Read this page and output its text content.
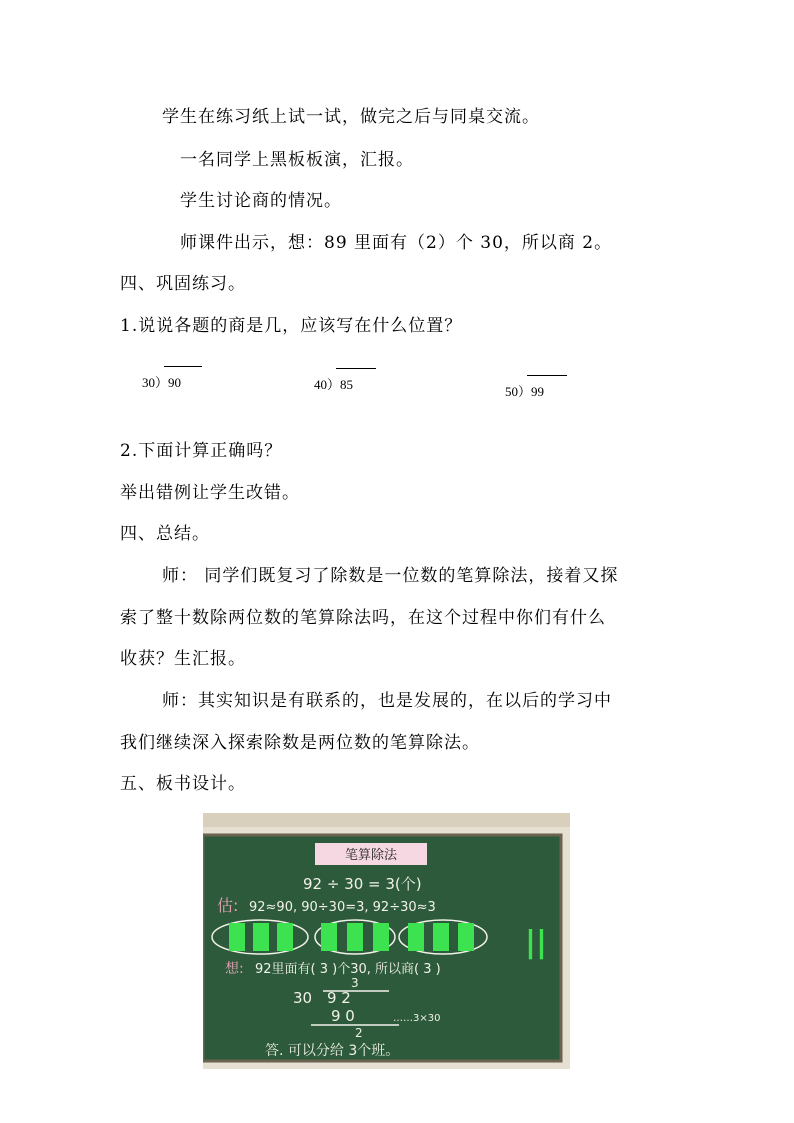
学生在练习纸上试一试，做完之后与同桌交流。
一名同学上黑板板演，汇报。
学生讨论商的情况。
师课件出示，想：89 里面有（2）个 30，所以商 2。
四、巩固练习。
1.说说各题的商是几，应该写在什么位置？
30）90	40）85	50）99
2.下面计算正确吗？
举出错例让学生改错。
四、总结。
师： 同学们既复习了除数是一位数的笔算除法，接着又探
索了整十数除两位数的笔算除法吗，在这个过程中你们有什么
收获？生汇报。
师：其实知识是有联系的，也是发展的，在以后的学习中
我们继续深入探索除数是两位数的笔算除法。
五、板书设计。
笔算除法
92 ÷ 30 = 3(个)
估: 92≈90, 90÷30=3, 92÷30≈3
||
想: 92里面有( 3 )个30, 所以商( 3 )
3
30 9 2
9 0	……3×30
2
答. 可以分给 3个班。
